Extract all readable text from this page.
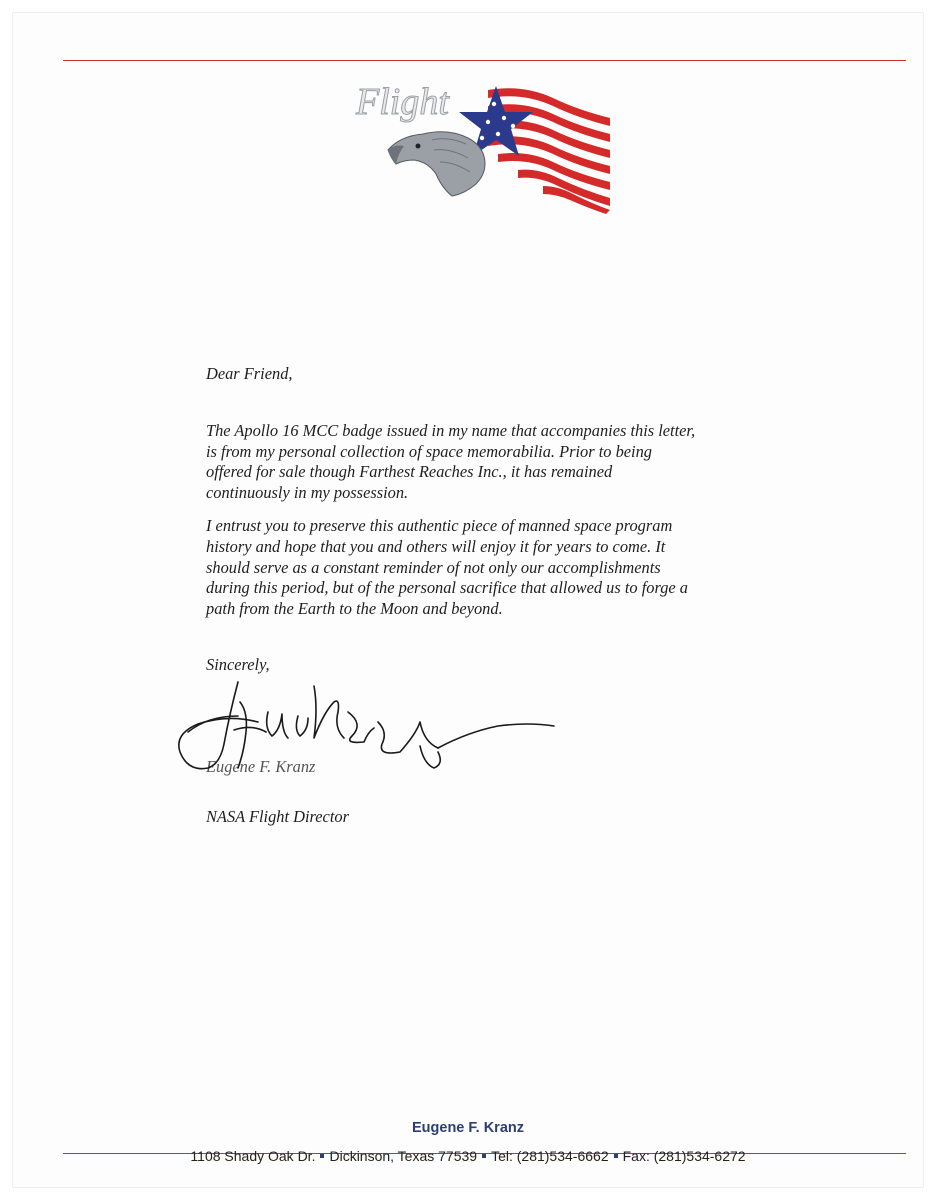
Flight
Dear Friend,
The Apollo 16 MCC badge issued in my name that accompanies this letter,
is from my personal collection of space memorabilia. Prior to being
offered for sale though Farthest Reaches Inc., it has remained
continuously in my possession.
I entrust you to preserve this authentic piece of manned space program
history and hope that you and others will enjoy it for years to come. It
should serve as a constant reminder of not only our accomplishments
during this period, but of the personal sacrifice that allowed us to forge a
path from the Earth to the Moon and beyond.
Sincerely,
Eugene F. Kranz
NASA Flight Director
Eugene F. Kranz
1108 Shady Oak Dr. Dickinson, Texas 77539 Tel: (281)534-6662 Fax: (281)534-6272
